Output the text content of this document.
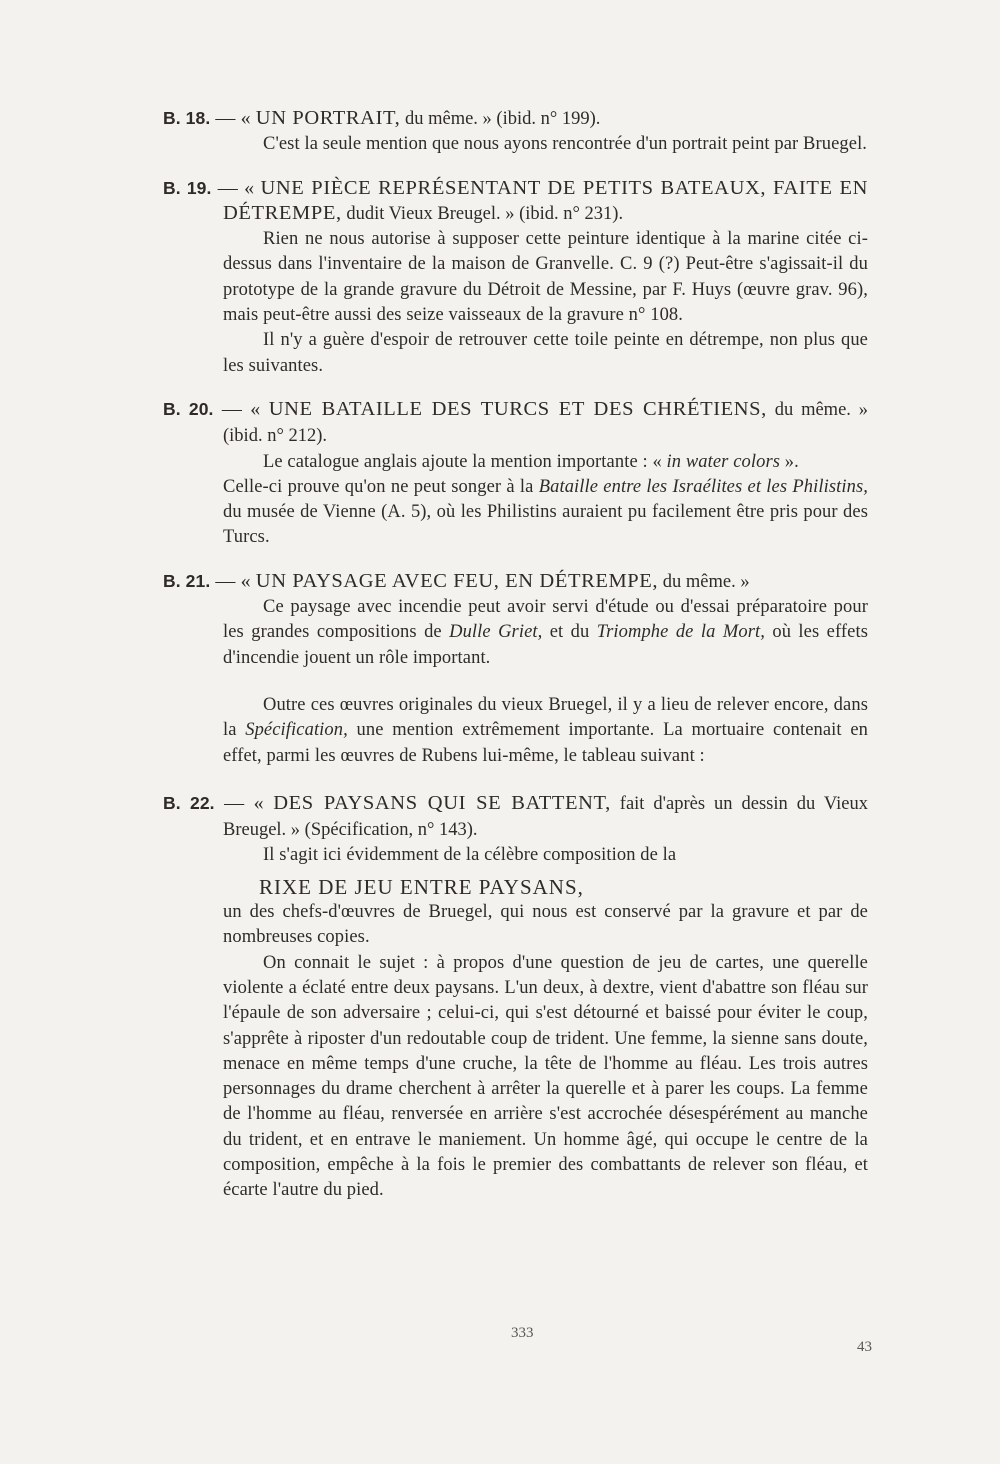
B. 18. — « UN PORTRAIT, du même. » (ibid. n° 199).

C'est la seule mention que nous ayons rencontrée d'un portrait peint par Bruegel.

B. 19. — « UNE PIÈCE REPRÉSENTANT DE PETITS BATEAUX, FAITE EN DÉTREMPE, dudit Vieux Breugel. » (ibid. n° 231).

Rien ne nous autorise à supposer cette peinture identique à la marine citée ci-dessus dans l'inventaire de la maison de Granvelle. C. 9 (?) Peut-être s'agissait-il du prototype de la grande gravure du Détroit de Messine, par F. Huys (œuvre grav. 96), mais peut-être aussi des seize vaisseaux de la gravure n° 108.

Il n'y a guère d'espoir de retrouver cette toile peinte en détrempe, non plus que les suivantes.

B. 20. — « UNE BATAILLE DES TURCS ET DES CHRÉTIENS, du même. » (ibid. n° 212).

Le catalogue anglais ajoute la mention importante : « in water colors ».

Celle-ci prouve qu'on ne peut songer à la Bataille entre les Israélites et les Philistins, du musée de Vienne (A. 5), où les Philistins auraient pu facilement être pris pour des Turcs.

B. 21. — « UN PAYSAGE AVEC FEU, EN DÉTREMPE, du même. »

Ce paysage avec incendie peut avoir servi d'étude ou d'essai préparatoire pour les grandes compositions de Dulle Griet, et du Triomphe de la Mort, où les effets d'incendie jouent un rôle important.

Outre ces œuvres originales du vieux Bruegel, il y a lieu de relever encore, dans la Spécification, une mention extrêmement importante. La mortuaire contenait en effet, parmi les œuvres de Rubens lui-même, le tableau suivant :

B. 22. — « DES PAYSANS QUI SE BATTENT, fait d'après un dessin du Vieux Breugel. » (Spécification, n° 143).

Il s'agit ici évidemment de la célèbre composition de la

RIXE DE JEU ENTRE PAYSANS,

un des chefs-d'œuvres de Bruegel, qui nous est conservé par la gravure et par de nombreuses copies.

On connait le sujet : à propos d'une question de jeu de cartes, une querelle violente a éclaté entre deux paysans. L'un deux, à dextre, vient d'abattre son fléau sur l'épaule de son adversaire ; celui-ci, qui s'est détourné et baissé pour éviter le coup, s'apprête à riposter d'un redoutable coup de trident. Une femme, la sienne sans doute, menace en même temps d'une cruche, la tête de l'homme au fléau. Les trois autres personnages du drame cherchent à arrêter la querelle et à parer les coups. La femme de l'homme au fléau, renversée en arrière s'est accrochée désespérément au manche du trident, et en entrave le maniement. Un homme âgé, qui occupe le centre de la composition, empêche à la fois le premier des combattants de relever son fléau, et écarte l'autre du pied.

333
43
